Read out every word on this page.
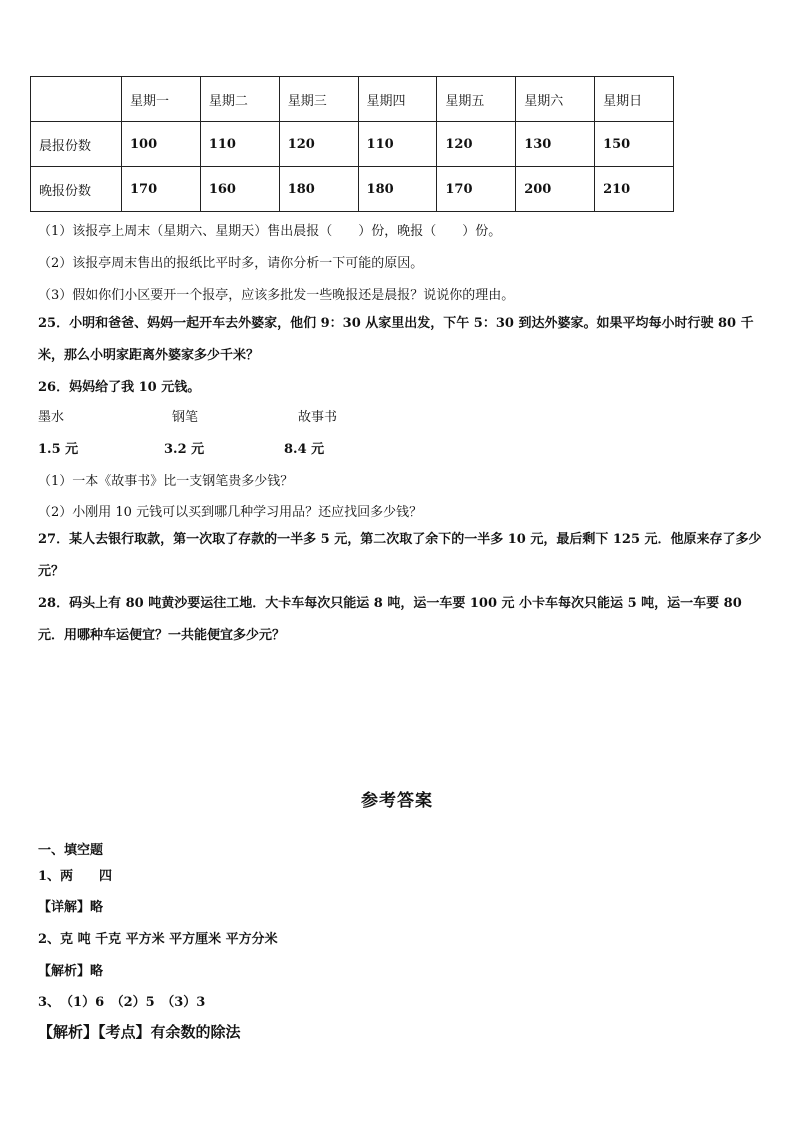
	星期一	星期二	星期三	星期四	星期五	星期六	星期日
晨报份数	100	110	120	110	120	130	150
晚报份数	170	160	180	180	170	200	210
（1）该报亭上周末（星期六、星期天）售出晨报（　　）份，晚报（　　）份。
（2）该报亭周末售出的报纸比平时多，请你分析一下可能的原因。
（3）假如你们小区要开一个报亭，应该多批发一些晚报还是晨报？说说你的理由。
25．小明和爸爸、妈妈一起开车去外婆家，他们 9：30 从家里出发，下午 5：30 到达外婆家。如果平均每小时行驶 80 千米，那么小明家距离外婆家多少千米？
26．妈妈给了我 10 元钱。
墨水	钢笔	故事书
1.5 元	3.2 元	8.4 元
（1）一本《故事书》比一支钢笔贵多少钱？
（2）小刚用 10 元钱可以买到哪几种学习用品？还应找回多少钱？
27．某人去银行取款，第一次取了存款的一半多 5 元，第二次取了余下的一半多 10 元，最后剩下 125 元．他原来存了多少元？
28．码头上有 80 吨黄沙要运往工地．大卡车每次只能运 8 吨，运一车要 100 元 小卡车每次只能运 5 吨，运一车要 80 元．用哪种车运便宜？一共能便宜多少元？
参考答案
一、填空题
1、两　　四
【详解】略
2、克 吨 千克 平方米 平方厘米 平方分米
【解析】略
3、　（1）6　（2）5　（3）3
【解析】【考点】有余数的除法
